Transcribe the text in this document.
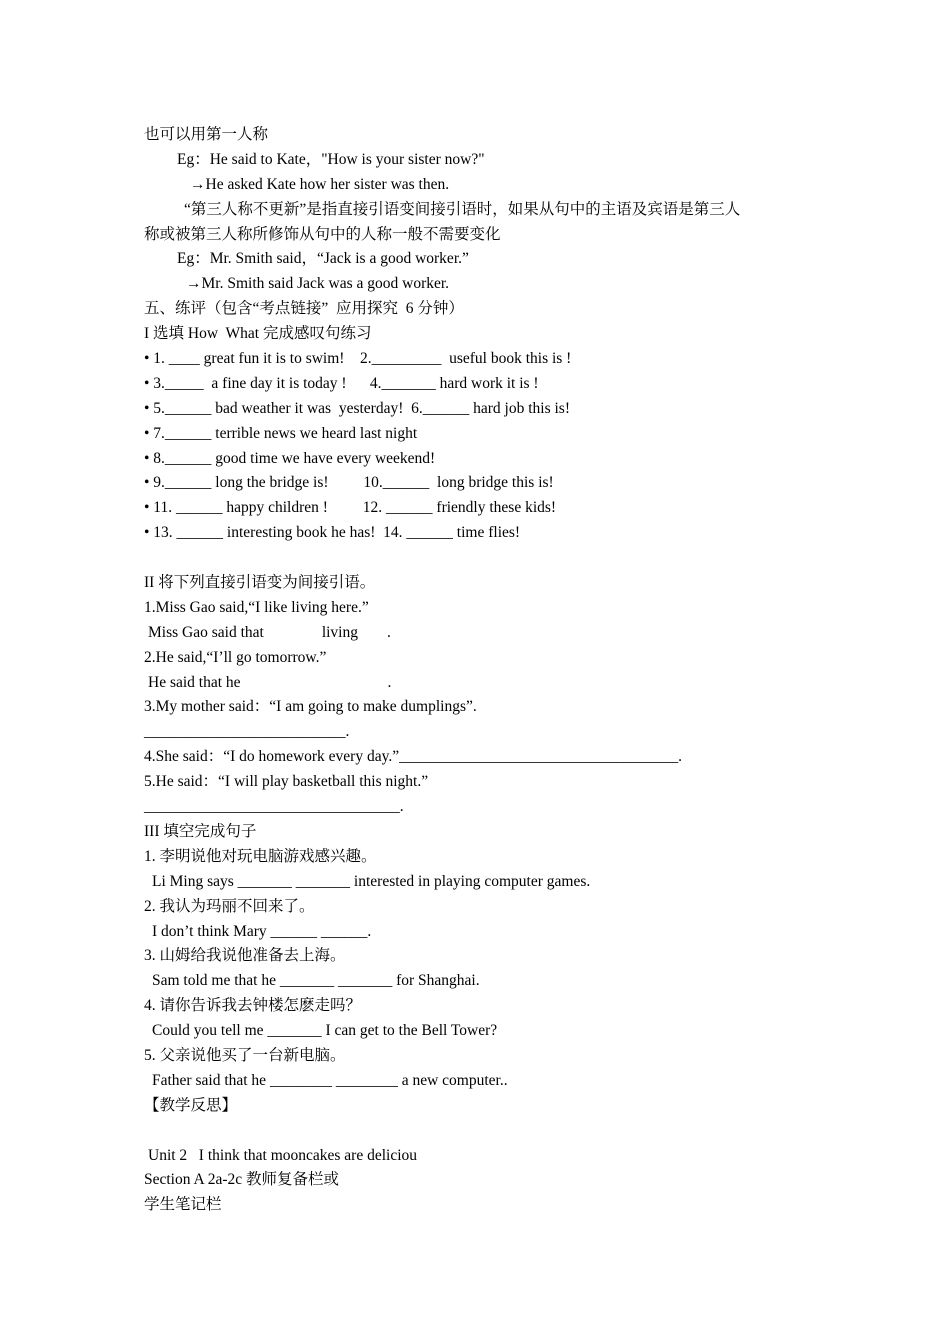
也可以用第一人称
Eg：He said to Kate，"How is your sister now?"
→He asked Kate how her sister was then.
“第三人称不更新”是指直接引语变间接引语时，如果从句中的主语及宾语是第三人
称或被第三人称所修饰从句中的人称一般不需要变化
Eg：Mr. Smith said，“Jack is a good worker.”
→Mr. Smith said Jack was a good worker.
五、练评（包含“考点链接”  应用探究  6 分钟）
I 选填 How  What 完成感叹句练习
• 1. ____ great fun it is to swim!    2._________  useful book this is !
• 3._____  a fine day it is today !      4._______ hard work it is !
• 5.______ bad weather it was  yesterday!  6.______ hard job this is!
• 7.______ terrible news we heard last night
• 8.______ good time we have every weekend!
• 9.______ long the bridge is!         10.______  long bridge this is!
• 11. ______ happy children !         12. ______ friendly these kids!
• 13. ______ interesting book he has!  14. ______ time flies!
II 将下列直接引语变为间接引语。
1.Miss Gao said,“I like living here.”
Miss Gao said that	living .
2.He said,“I’ll go tomorrow.”
He said that he	.
3.My mother said：“I am going to make dumplings”.
__________________________.
4.She said：“I do homework every day.”____________________________________.
5.He said：“I will play basketball this night.”
_________________________________.
III 填空完成句子
1. 李明说他对玩电脑游戏感兴趣。
Li Ming says _______ _______ interested in playing computer games.
2. 我认为玛丽不回来了。
I don’t think Mary ______ ______.
3. 山姆给我说他准备去上海。
Sam told me that he _______ _______ for Shanghai.
4. 请你告诉我去钟楼怎麽走吗？
Could you tell me _______ I can get to the Bell Tower?
5. 父亲说他买了一台新电脑。
Father said that he ________ ________ a new computer..
【教学反思】
Unit 2   I think that mooncakes are deliciou
Section A 2a-2c 教师复备栏或
学生笔记栏
